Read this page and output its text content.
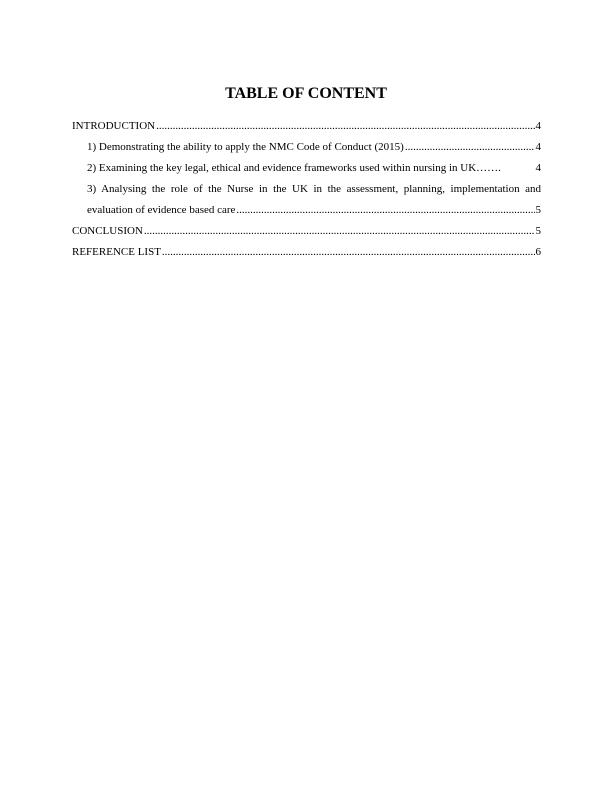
TABLE OF CONTENT
INTRODUCTION .....	4
1) Demonstrating the ability to apply the NMC Code of Conduct (2015) .....	4
2) Examining the key legal, ethical and evidence frameworks used within nursing in UK…….	4
3) Analysing the role of the Nurse in the UK in the assessment, planning, implementation and
evaluation of evidence based care .....	5
CONCLUSION .....	5
REFERENCE LIST .....	6
